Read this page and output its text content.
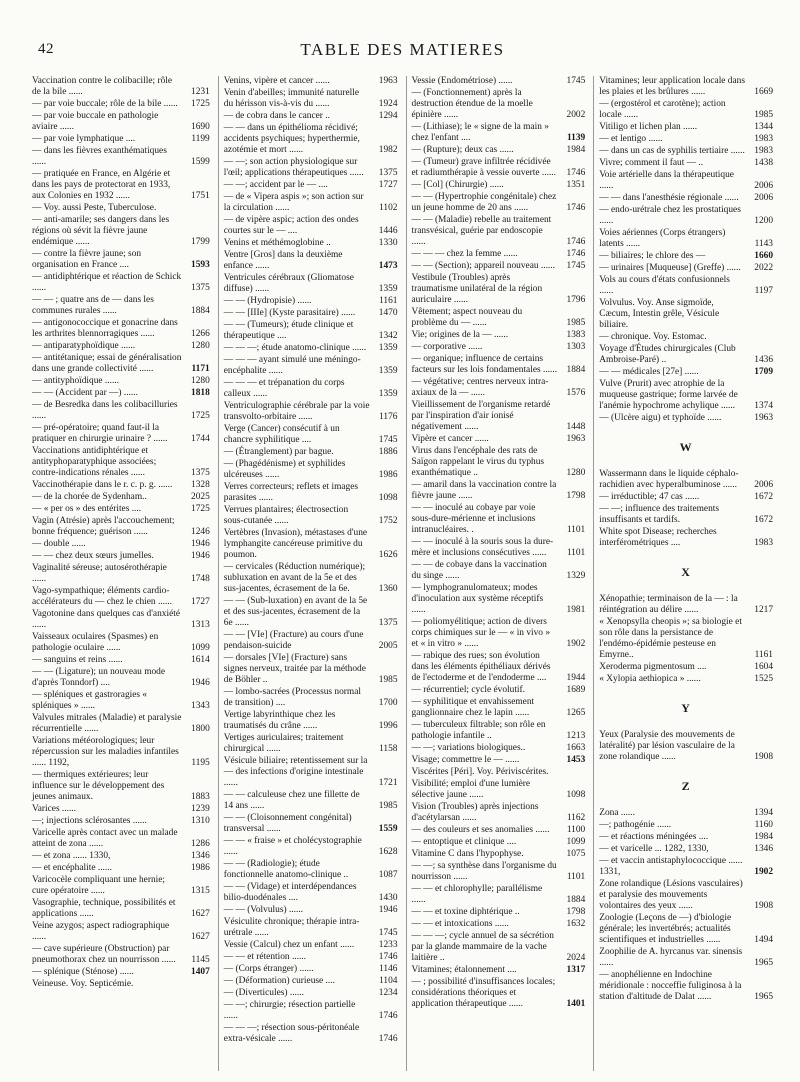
42	TABLE DES MATIERES
Vaccination contre le colibacille; rôle de la bile ......	1231
— par voie buccale; rôle de la bile ......	1725
— par voie buccale en pathologie aviaire ......	1690
— par voie lymphatique ....	1199
— dans les fièvres exanthématiques ......	1599
— pratiquée en France, en Algérie et dans les pays de protectorat en 1933, aux Colonies en 1932 ......	1751
— Voy. aussi Peste, Tuberculose.
— anti-amarile; ses dangers dans les régions où sévit la fièvre jaune endémique ......	1799
— contre la fièvre jaune; son organisation en France ....	1593
— antidiphtérique et réaction de Schick ......	1375
— — ; quatre ans de — dans les communes rurales ......	1884
— antigonococcique et gonacrine dans les arthrites blennorragiques ......	1266
— antiparatyphoïdique ......	1280
— antitétanique; essai de généralisation dans une grande collectivité ......	1171
— antityphoïdique ......	1280
— — (Accident par —) ......	1818
— de Besredka dans les colibacilluries ......	1725
— pré-opératoire; quand faut-il la pratiquer en chirurgie urinaire ? ......	1744
Vaccinations antidiphtérique et antityphoparatyphique associées; contre-indications rénales ......	1375
Vaccinothérapie dans le r. c. p. g. ......	1328
— de la chorée de Sydenham..	2025
— « per os » des entérites ....	1725
Vagin (Atrésie) après l'accouchement; bonne fréquence; guérison ......	1246
— double ......	1946
— — chez deux sœurs jumelles.	1946
Vaginalité séreuse; autosérothérapie ......	1748
Vago-sympathique; éléments cardio-accélérateurs du — chez le chien ......	1727
Vagotonine dans quelques cas d'anxiété ......	1313
Vaisseaux oculaires (Spasmes) en pathologie oculaire ......	1099
— sanguins et reins ......	1614
— — (Ligature); un nouveau mode d'après Tonndorf) ....	1946
— spléniques et gastroragies « spléniques » ......	1343
Valvules mitrales (Maladie) et paralysie récurrentielle ......	1800
Variations météorologiques; leur répercussion sur les maladies infantiles ...... 1192,	1195
— thermiques extérieures; leur influence sur le développement des jeunes animaux.	1883
Varices ......	1239
—; injections sclérosantes ......	1310
Varicelle après contact avec un malade atteint de zona ......	1286
— et zona ...... 1330,	1346
— et encéphalite ......	1986
Varicocèle compliquant une hernie; cure opératoire ......	1315
Vasographie, technique, possibilités et applications ......	1627
Veine azygos; aspect radiographique ......	1627
— cave supérieure (Obstruction) par pneumothorax chez un nourrisson ......	1145
— splénique (Sténose) ......	1407
Veineuse. Voy. Septicémie.
Venins, vipère et cancer ......	1963
Venin d'abeilles; immunité naturelle du hérisson vis-à-vis du ......	1924
— de cobra dans le cancer ..	1294
— — dans un épithélioma récidivé; accidents psychiques; hyperthermie, azotémie et mort ......	1982
— —; son action physiologique sur l'œil; applications thérapeutiques ......	1375
— —; accident par le — ....	1727
— de « Vipera aspis »; son action sur la circulation ......	1102
— de vipère aspic; action des ondes courtes sur le — ....	1446
Venins et méthémoglobine ..	1330
Ventre [Gros] dans la deuxième enfance ......	1473
Ventricules cérébraux (Gliomatose diffuse) ......	1359
— — (Hydropisie) ......	1161
— — [IIIe] (Kyste parasitaire) ......	1470
— — (Tumeurs); étude clinique et thérapeutique ....	1342
— — —; étude anatomo-clinique ......	1359
— — — ayant simulé une méningo-encéphalite ......	1359
— — — et trépanation du corps calleux ......	1359
Ventriculographie cérébrale par la voie transvolto-orbitaire ......	1176
Verge (Cancer) consécutif à un chancre syphilitique ....	1745
— (Étranglement) par bague.	1886
— (Phagédénisme) et syphilides ulcéreuses ......	1986
Verres correcteurs; reflets et images parasites ......	1098
Verrues plantaires; électrosection sous-cutanée ......	1752
Vertèbres (Invasion), métastases d'une lymphangite cancéreuse primitive du poumon.	1626
— cervicales (Réduction numérique); subluxation en avant de la 5e et des sus-jacentes, écrasement de la 6e.	1360
— — (Sub-luxation) en avant de la 5e et des sus-jacentes, écrasement de la 6e ......	1375
— — [VIe] (Fracture) au cours d'une pendaison-suicide	2005
— dorsales [VIe] (Fracture) sans signes nerveux, traitée par la méthode de Böhler ..	1985
— lombo-sacrées (Processus normal de transition) ....	1700
Vertige labyrinthique chez les traumatisés du crâne ......	1996
Vertiges auriculaires; traitement chirurgical ......	1158
Vésicule biliaire; retentissement sur la — des infections d'origine intestinale ......	1721
— — calculeuse chez une fillette de 14 ans ......	1985
— — (Cloisonnement congénital) transversal ......	1559
— — « fraise » et cholécystographie ......	1628
— — (Radiologie); étude fonctionnelle anatomo-clinique ..	1087
— — (Vidage) et interdépendances bilio-duodénales ....	1430
— — (Volvulus) ......	1946
Vésiculite chronique; thérapie intra-urétrale ......	1745
Vessie (Calcul) chez un enfant ......	1233
— — et rétention ......	1746
— (Corps étranger) ......	1146
— (Déformation) curieuse ....	1104
— (Diverticules) ......	1234
— —; chirurgie; résection partielle ......	1746
— — —; résection sous-péritonéale extra-vésicale ......	1746
Vessie (Endométriose) ......	1745
— (Fonctionnement) après la destruction étendue de la moelle épinière ......	2002
— (Lithiase); le « signe de la main » chez l'enfant ....	1139
— (Rupture); deux cas ......	1984
— (Tumeur) grave infiltrée récidivée et radiumthérapie à vessie ouverte ......	1746
— [Col] (Chirurgie) ......	1351
— — (Hypertrophie congénitale) chez un jeune homme de 20 ans ......	1746
— — (Maladie) rebelle au traitement transvésical, guérie par endoscopie ......	1746
— — — chez la femme ......	1746
— — (Section); appareil nouveau ......	1745
Vestibule (Troubles) après traumatisme unilatéral de la région auriculaire ......	1796
Vêtement; aspect nouveau du problème du — ......	1985
Vie; origines de la — ......	1383
— corporative ......	1303
— organique; influence de certains facteurs sur les lois fondamentales ......	1884
— végétative; centres nerveux intra-axiaux de la — ......	1576
Vieillissement de l'organisme retardé par l'inspiration d'air ionisé négativement ......	1448
Vipère et cancer ......	1963
Virus dans l'encéphale des rats de Saïgon rappelant le virus du typhus exanthématique ..	1280
— amaril dans la vaccination contre la fièvre jaune ......	1798
— — inoculé au cobaye par voie sous-dure-mérienne et inclusions intranucléaires. .	1101
— — inoculé à la souris sous la dure-mère et inclusions consécutives ......	1101
— — de cobaye dans la vaccination du singe ......	1329
— lymphogranulomateux; modes d'inoculation aux système réceptifs ......	1981
— poliomyélitique; action de divers corps chimiques sur le — « in vivo » et « in vitro » ......	1902
— rabique des rues; son évolution dans les éléments épithéliaux dérivés de l'ectoderme et de l'endoderme ....	1944
— récurrentiel; cycle évolutif.	1689
— syphilitique et envahissement ganglionnaire chez le lapin ......	1265
— tuberculeux filtrable; son rôle en pathologie infantile ..	1213
— —; variations biologiques..	1663
Visage; commettre le — ......	1453
Viscérites [Péri]. Voy. Périviscérites.
Visibilité; emploi d'une lumière sélective jaune ......	1098
Vision (Troubles) après injections d'acétylarsan ......	1162
— des couleurs et ses anomalies ......	1100
— entoptique et clinique ....	1099
Vitamine C dans l'hypophyse.	1075
— —; sa synthèse dans l'organisme du nourrisson ......	1101
— — et chlorophylle; parallélisme ......	1884
— — et toxine diphtérique ..	1798
— — et intoxications ......	1632
— — —; cycle annuel de sa sécrétion par la glande mammaire de la vache laitière ..	2024
Vitamines; étalonnement ....	1317
— ; possibilité d'insuffisances locales; considérations théoriques et application thérapeutique ......	1401
Vitamines; leur application locale dans les plaies et les brûlures ......	1669
— (ergostérol et carotène); action locale ......	1985
Vitiligo et lichen plan ......	1344
— et lentigo ......	1983
— dans un cas de syphilis tertiaire ......	1983
Vivre; comment il faut — ..	1438
Voie artérielle dans la thérapeutique ......	2006
— — dans l'anesthésie régionale ......	2006
— endo-urétrale chez les prostatiques ......	1200
Voies aériennes (Corps étrangers) latents ......	1143
— biliaires; le chlore des —	1660
— urinaires [Muqueuse] (Greffe) ......	2022
Vols au cours d'états confusionnels ......	1197
Volvulus. Voy. Anse sigmoïde, Cæcum, Intestin grêle, Vésicule biliaire.
— chronique. Voy. Estomac.
Voyage d'Études chirurgicales (Club Ambroise-Paré) ..	1436
— — médicales [27e] ......	1709
Vulve (Prurit) avec atrophie de la muqueuse gastrique; forme larvée de l'anémie hypochrome achylique ......	1374
— (Ulcère aigu) et typhoïde ......	1963
W
Wassermann dans le liquide céphalo-rachidien avec hyperalbuminose ......	2006
— irréductible; 47 cas ......	1672
— —; influence des traitements insuffisants et tardifs.	1672
White spot Disease; recherches interférométriques ....	1983
X
Xénopathie; terminaison de la — : la réintégration au délire ......	1217
« Xenopsylla cheopis »; sa biologie et son rôle dans la persistance de l'endémo-épidémie pesteuse en Emyrne..	1161
Xeroderma pigmentosum ....	1604
« Xylopia aethiopica » ......	1525
Y
Yeux (Paralysie des mouvements de latéralité) par lésion vasculaire de la zone rolandique ......	1908
Z
Zona ......	1394
—; pathogénie ......	1160
— et réactions méningées ....	1984
— et varicelle ... 1282, 1330,	1346
— et vaccin antistaphylococcique ...... 1331,	1902
Zone rolandique (Lésions vasculaires) et paralysie des mouvements volontaires des yeux ......	1908
Zoologie (Leçons de —) d'biologie générale; les invertébrés; actualités scientifiques et industrielles ......	1494
Zoophilie de A. hyrcanus var. sinensis ......	1965
— anophélienne en Indochine méridionale : nocceffie fuliginosa à la station d'altitude de Dalat ......	1965
